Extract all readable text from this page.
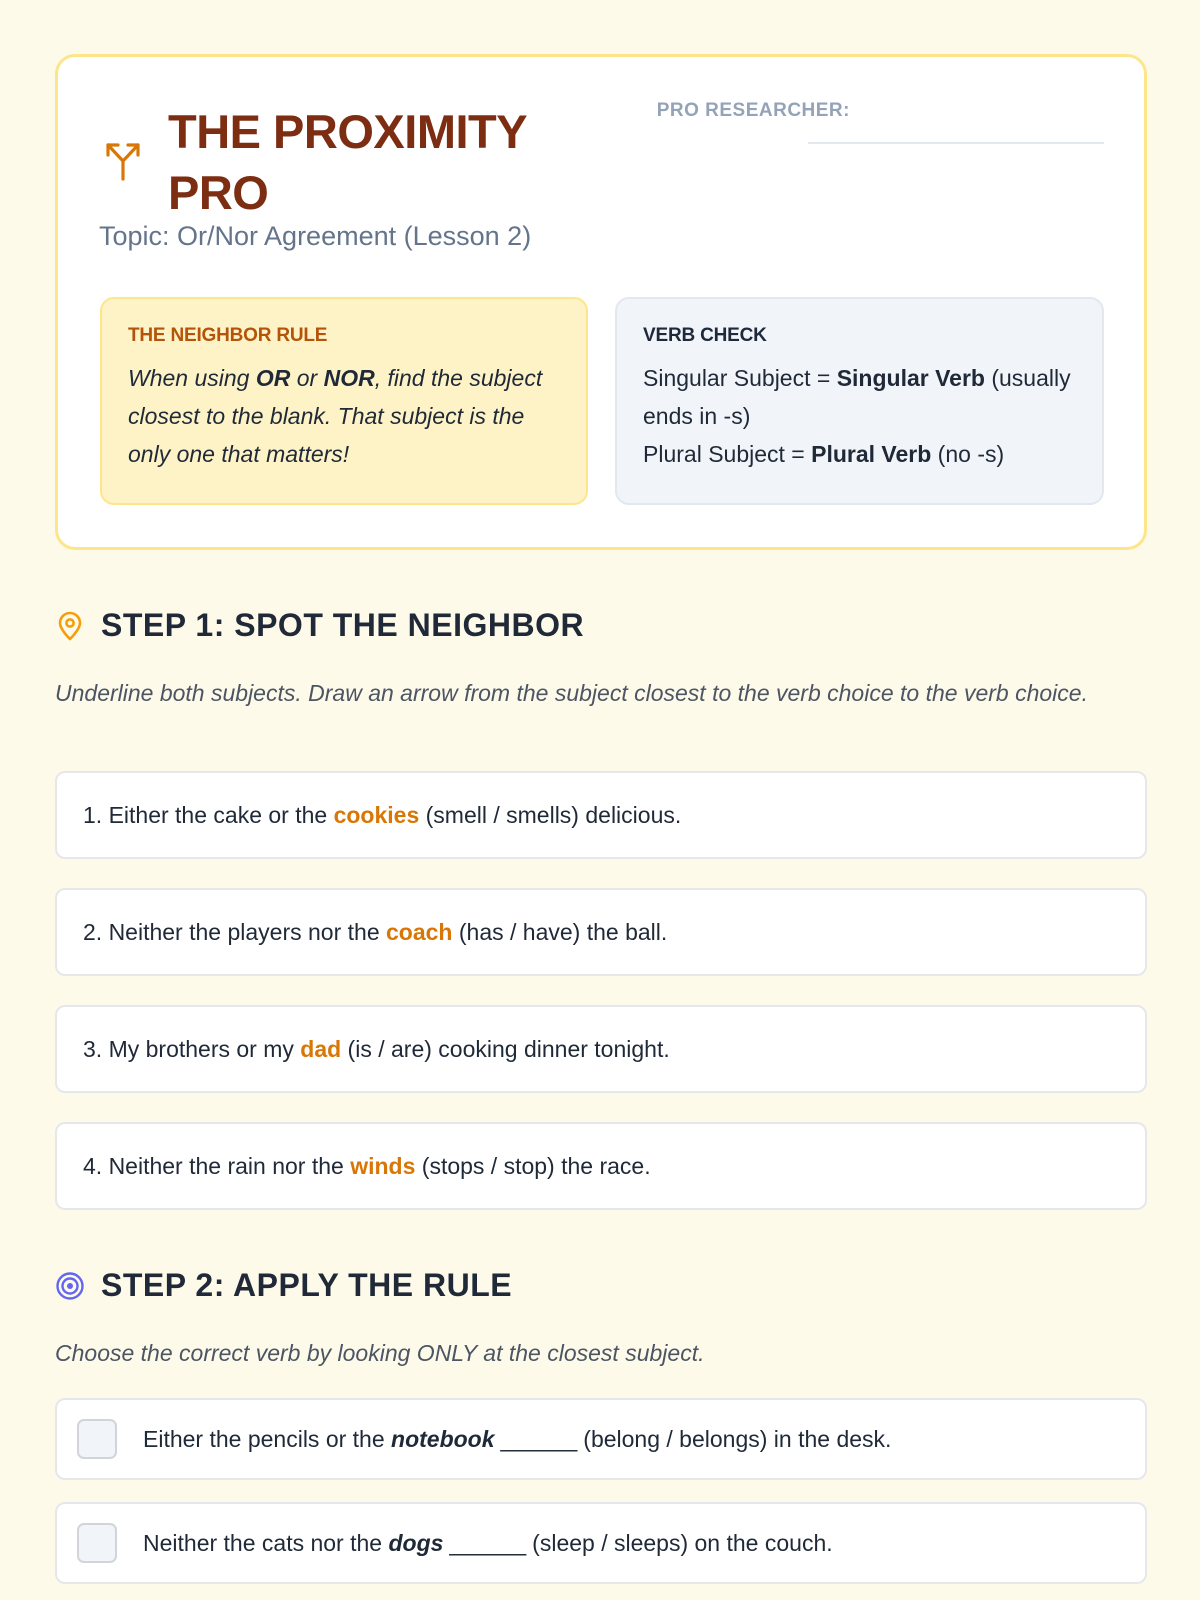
THE PROXIMITY PRO
Topic: Or/Nor Agreement (Lesson 2)
PRO RESEARCHER:
THE NEIGHBOR RULE
When using OR or NOR, find the subject closest to the blank. That subject is the only one that matters!
VERB CHECK
Singular Subject = Singular Verb (usually ends in -s)
Plural Subject = Plural Verb (no -s)
STEP 1: SPOT THE NEIGHBOR
Underline both subjects. Draw an arrow from the subject closest to the verb choice to the verb choice.
1. Either the cake or the cookies (smell / smells) delicious.
2. Neither the players nor the coach (has / have) the ball.
3. My brothers or my dad (is / are) cooking dinner tonight.
4. Neither the rain nor the winds (stops / stop) the race.
STEP 2: APPLY THE RULE
Choose the correct verb by looking ONLY at the closest subject.
Either the pencils or the notebook ______ (belong / belongs) in the desk.
Neither the cats nor the dogs ______ (sleep / sleeps) on the couch.
